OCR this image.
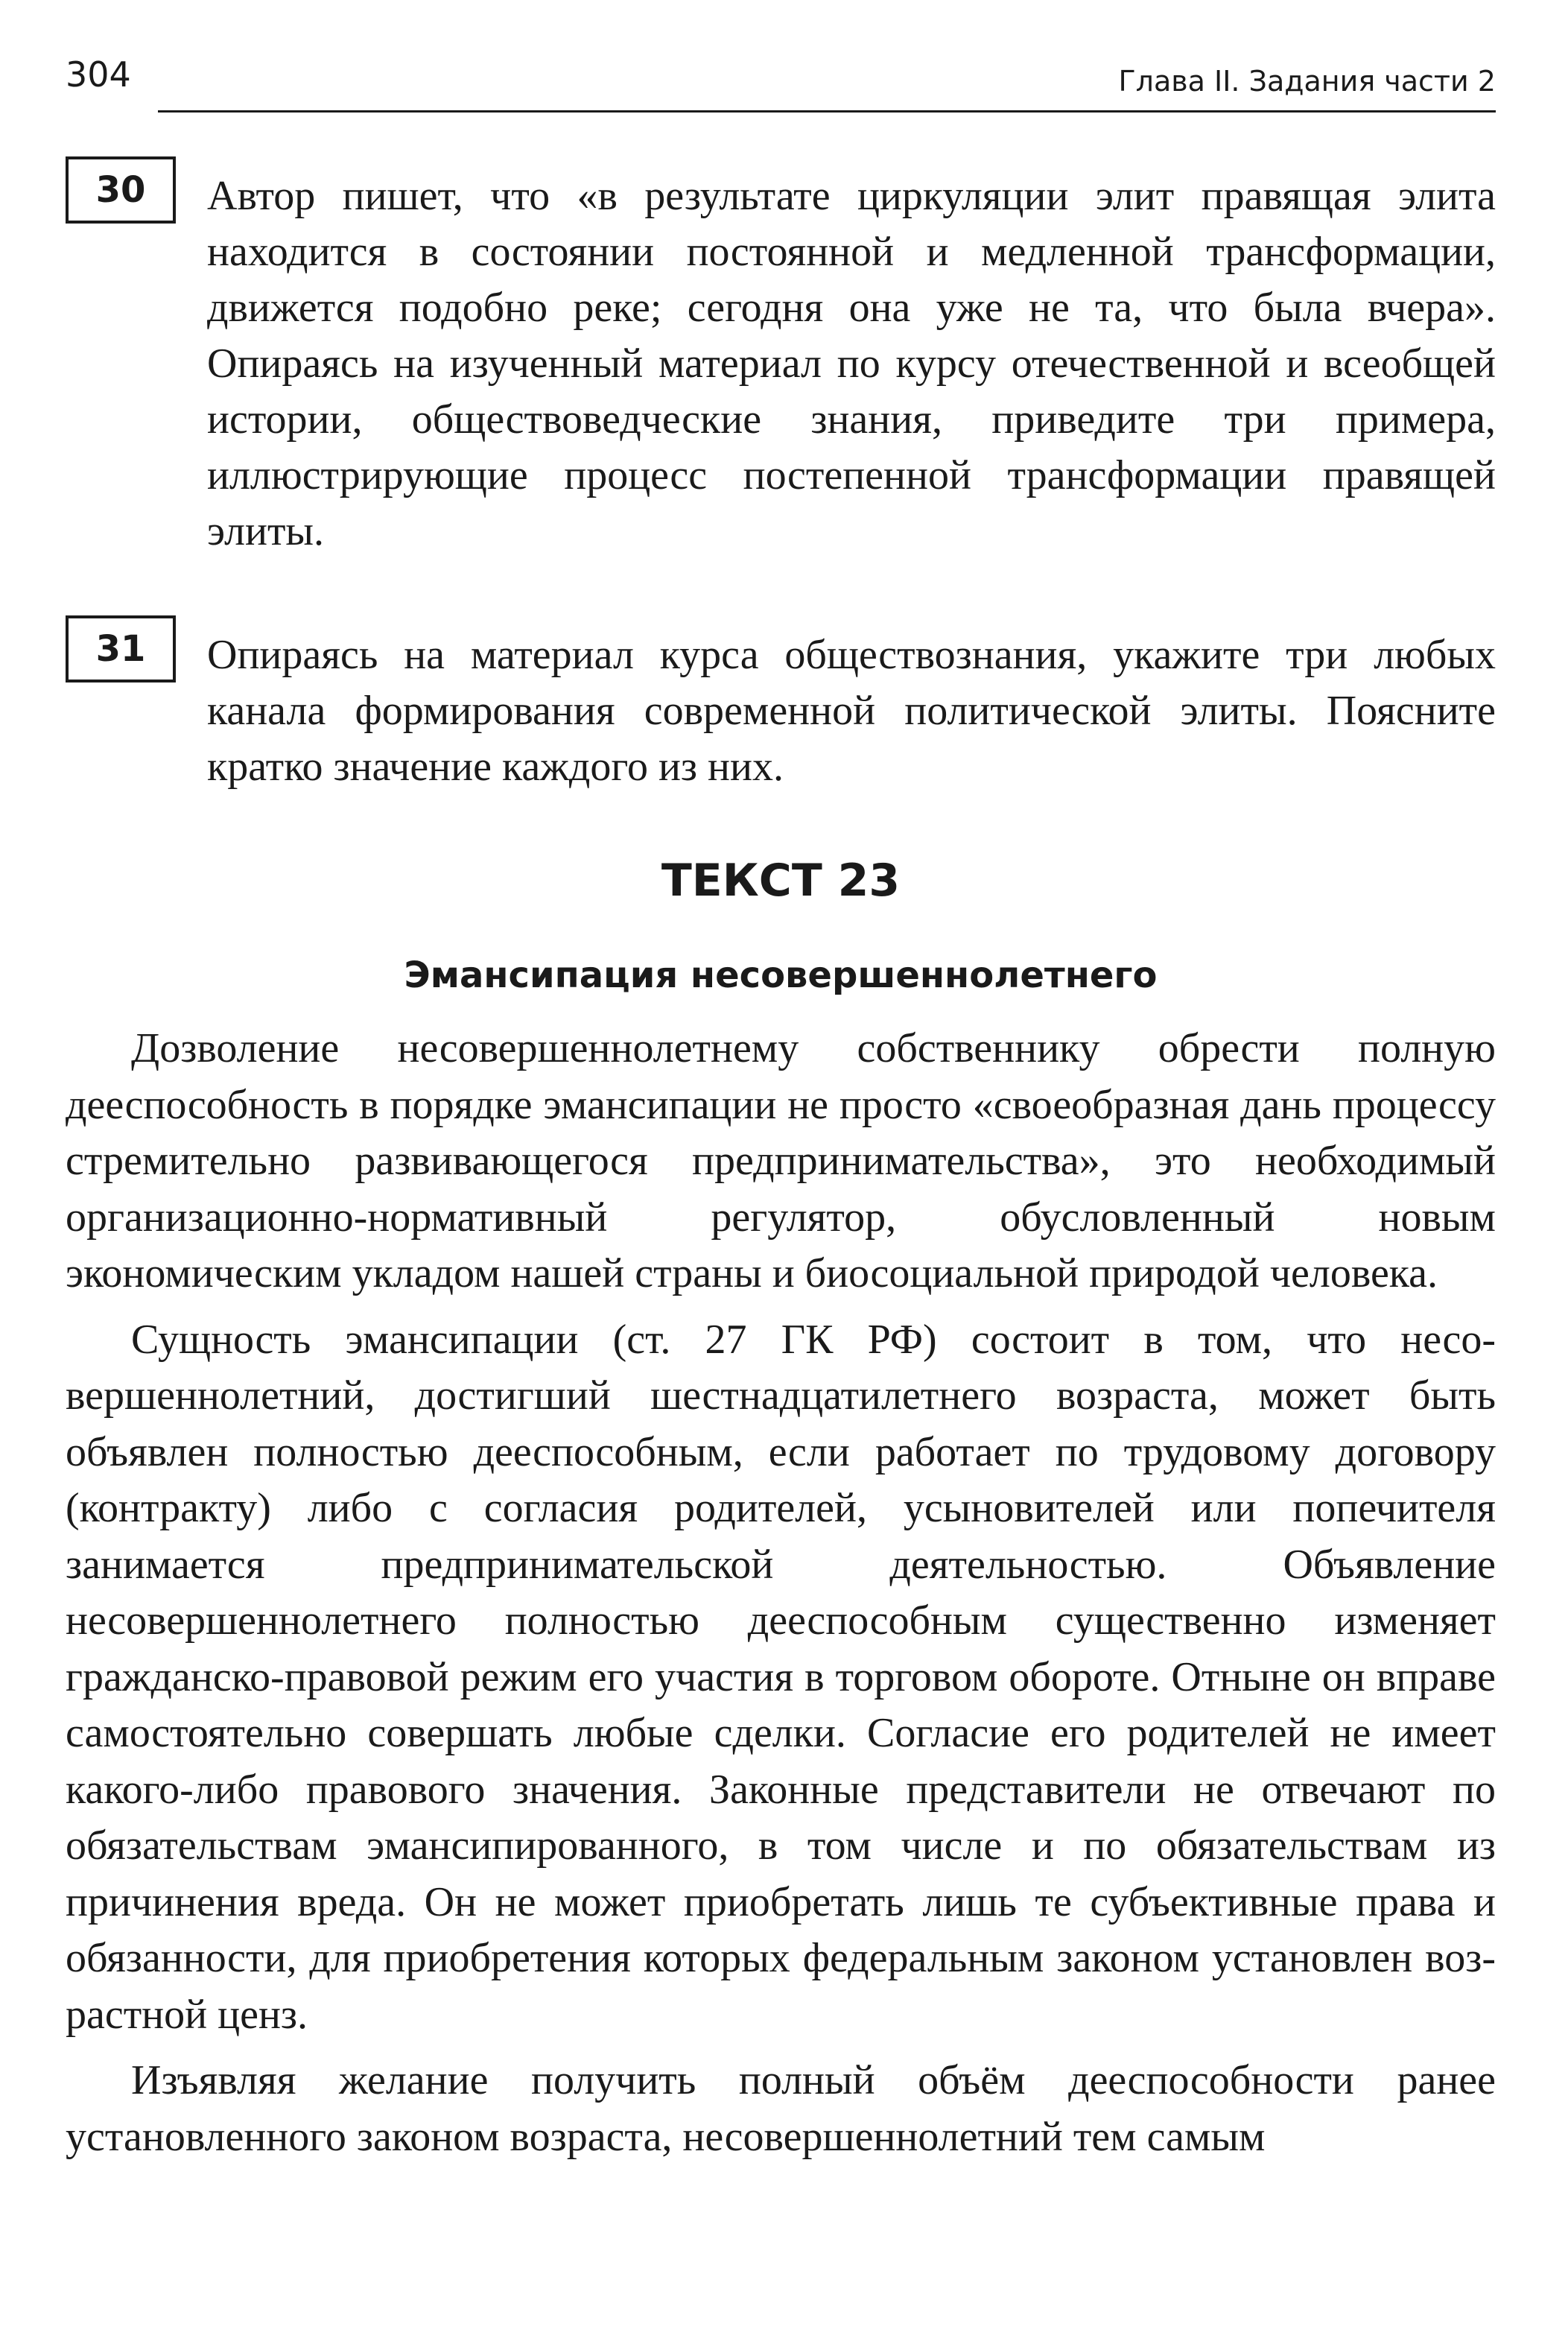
304	Глава II. Задания части 2
30	Автор пишет, что «в результате циркуляции элит правящая элита находится в состоянии постоянной и медленной трансформации, движется подобно реке; сегодня она уже не та, что была вчера». Опираясь на изученный материал по курсу отечественной и всеобщей истории, обществоведческие знания, приведите три примера, иллюстрирующие процесс постепенной трансформации правящей элиты.
31	Опираясь на материал курса обществознания, укажите три любых канала формирования современной политической элиты. Поясните кратко значение каждого из них.
ТЕКСТ 23
Эмансипация несовершеннолетнего

Дозволение несовершеннолетнему собственнику обрести полную дееспособность в порядке эмансипации не просто «своеобразная дань процессу стремительно развивающегося предпринимательства», это необходимый организационно-нормативный регулятор, обусловленный новым экономическим укладом нашей страны и биосоциальной природой человека.

Сущность эмансипации (ст. 27 ГК РФ) состоит в том, что несовершеннолетний, достигший шестнадцатилетнего возраста, может быть объявлен полностью дееспособным, если работает по трудовому договору (контракту) либо с согласия родителей, усыновителей или попечителя занимается предпринимательской деятельностью. Объявление несовершеннолетнего полностью дееспособным существенно изменяет гражданско-правовой режим его участия в торговом обороте. Отныне он вправе самостоятельно совершать любые сделки. Согласие его родителей не имеет какого-либо правового значения. Законные представители не отвечают по обязательствам эмансипированного, в том числе и по обязательствам из причинения вреда. Он не может приобретать лишь те субъективные права и обязанности, для приобретения которых федеральным законом установлен возрастной ценз.

Изъявляя желание получить полный объём дееспособности ранее установленного законом возраста, несовершеннолетний тем самым
